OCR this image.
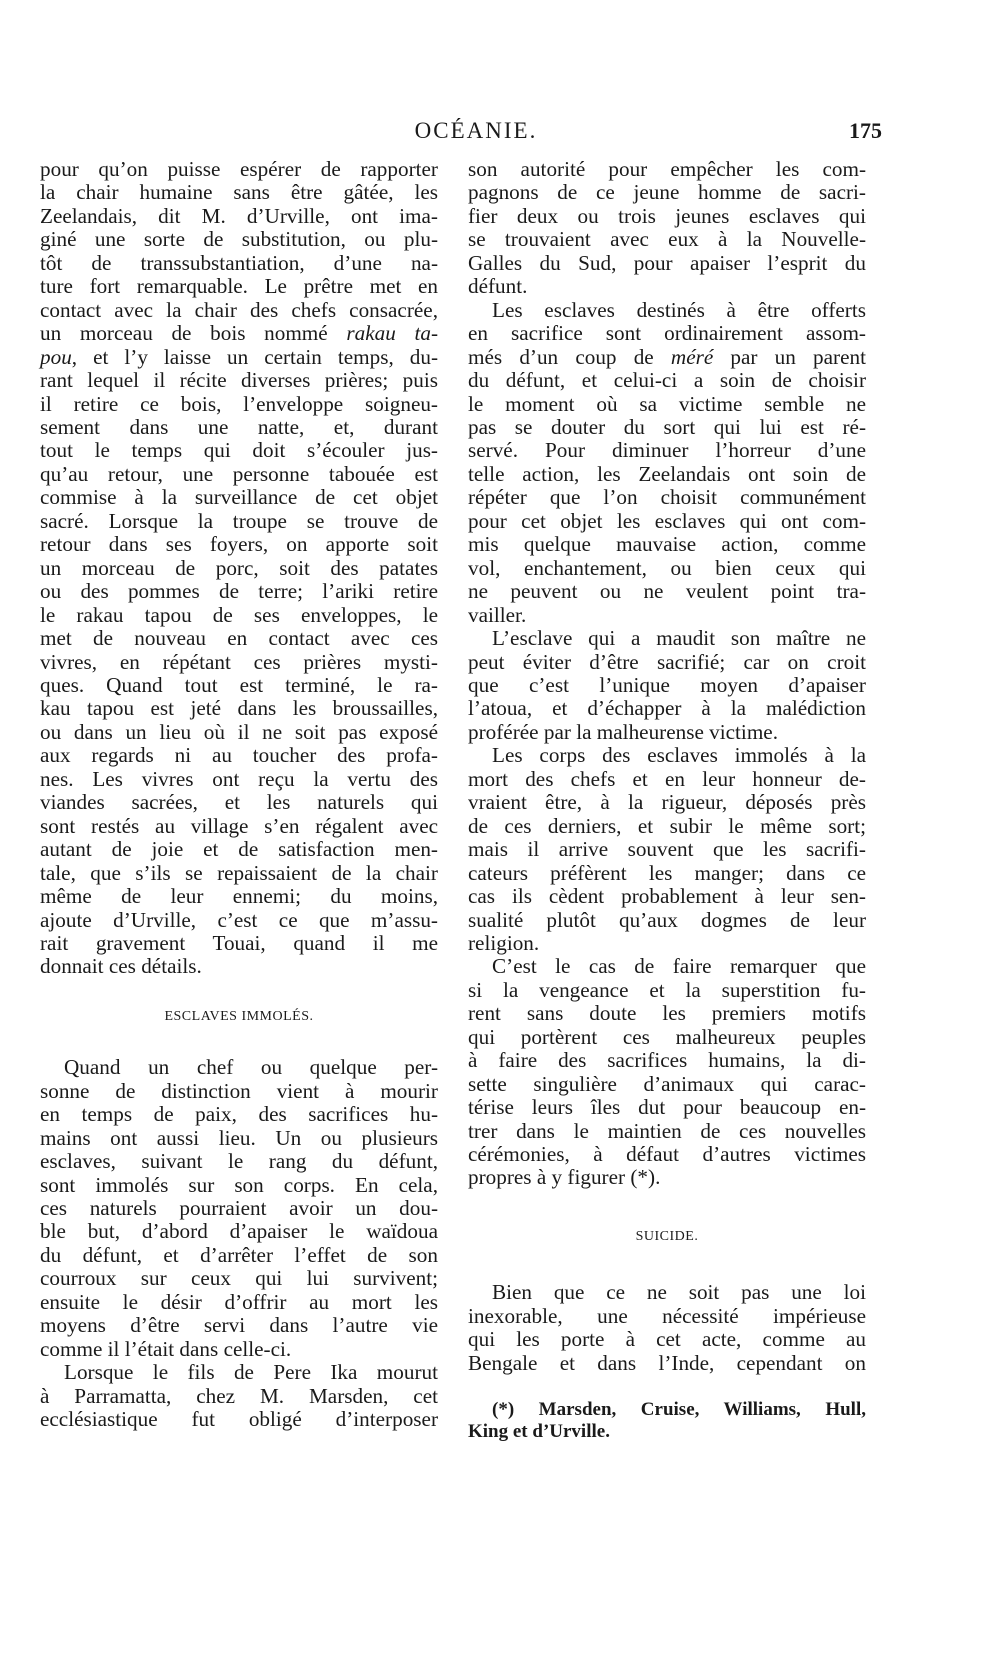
OCÉANIE.	175

pour qu’on puisse espérer de rapporter
la chair humaine sans être gâtée, les
Zeelandais, dit M. d’Urville, ont ima-
giné une sorte de substitution, ou plu-
tôt de transsubstantiation, d’une na-
ture fort remarquable. Le prêtre met en
contact avec la chair des chefs consacrée,
un morceau de bois nommé rakau ta-
pou, et l’y laisse un certain temps, du-
rant lequel il récite diverses prières; puis
il retire ce bois, l’enveloppe soigneu-
sement dans une natte, et, durant
tout le temps qui doit s’écouler jus-
qu’au retour, une personne tabouée est
commise à la surveillance de cet objet
sacré. Lorsque la troupe se trouve de
retour dans ses foyers, on apporte soit
un morceau de porc, soit des patates
ou des pommes de terre; l’ariki retire
le rakau tapou de ses enveloppes, le
met de nouveau en contact avec ces
vivres, en répétant ces prières mysti-
ques. Quand tout est terminé, le ra-
kau tapou est jeté dans les broussailles,
ou dans un lieu où il ne soit pas exposé
aux regards ni au toucher des profa-
nes. Les vivres ont reçu la vertu des
viandes sacrées, et les naturels qui
sont restés au village s’en régalent avec
autant de joie et de satisfaction men-
tale, que s’ils se repaissaient de la chair
même de leur ennemi; du moins,
ajoute d’Urville, c’est ce que m’assu-
rait gravement Touai, quand il me
donnait ces détails.

ESCLAVES IMMOLÉS.

Quand un chef ou quelque per-
sonne de distinction vient à mourir
en temps de paix, des sacrifices hu-
mains ont aussi lieu. Un ou plusieurs
esclaves, suivant le rang du défunt,
sont immolés sur son corps. En cela,
ces naturels pourraient avoir un dou-
ble but, d’abord d’apaiser le waïdoua
du défunt, et d’arrêter l’effet de son
courroux sur ceux qui lui survivent;
ensuite le désir d’offrir au mort les
moyens d’être servi dans l’autre vie
comme il l’était dans celle-ci.

Lorsque le fils de Pere Ika mourut
à Parramatta, chez M. Marsden, cet
ecclésiastique fut obligé d’interposer

son autorité pour empêcher les com-
pagnons de ce jeune homme de sacri-
fier deux ou trois jeunes esclaves qui
se trouvaient avec eux à la Nouvelle-
Galles du Sud, pour apaiser l’esprit du
défunt.

Les esclaves destinés à être offerts
en sacrifice sont ordinairement assom-
més d’un coup de méré par un parent
du défunt, et celui-ci a soin de choisir
le moment où sa victime semble ne
pas se douter du sort qui lui est ré-
servé. Pour diminuer l’horreur d’une
telle action, les Zeelandais ont soin de
répéter que l’on choisit communément
pour cet objet les esclaves qui ont com-
mis quelque mauvaise action, comme
vol, enchantement, ou bien ceux qui
ne peuvent ou ne veulent point tra-
vailler.

L’esclave qui a maudit son maître ne
peut éviter d’être sacrifié; car on croit
que c’est l’unique moyen d’apaiser
l’atoua, et d’échapper à la malédiction
proférée par la malheurense victime.

Les corps des esclaves immolés à la
mort des chefs et en leur honneur de-
vraient être, à la rigueur, déposés près
de ces derniers, et subir le même sort;
mais il arrive souvent que les sacrifi-
cateurs préfèrent les manger; dans ce
cas ils cèdent probablement à leur sen-
sualité plutôt qu’aux dogmes de leur
religion.

C’est le cas de faire remarquer que
si la vengeance et la superstition fu-
rent sans doute les premiers motifs
qui portèrent ces malheureux peuples
à faire des sacrifices humains, la di-
sette singulière d’animaux qui carac-
térise leurs îles dut pour beaucoup en-
trer dans le maintien de ces nouvelles
cérémonies, à défaut d’autres victimes
propres à y figurer (*).

SUICIDE.

Bien que ce ne soit pas une loi
inexorable, une nécessité impérieuse
qui les porte à cet acte, comme au
Bengale et dans l’Inde, cependant on

(*) Marsden, Cruise, Williams, Hull,
King et d’Urville.
